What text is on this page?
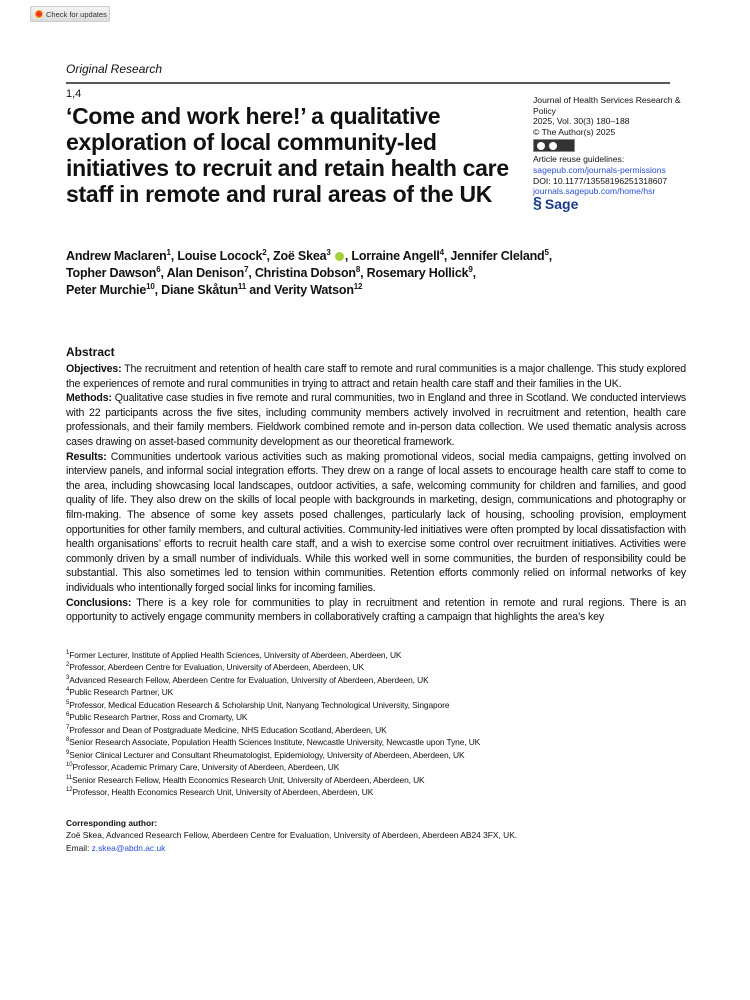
Check for updates
Original Research
Journal of Health Services Research & Policy
2025, Vol. 30(3) 180–188
© The Author(s) 2025
Article reuse guidelines:
sagepub.com/journals-permissions
DOI: 10.1177/13558196251318607
journals.sagepub.com/home/hsr
§ Sage
1,4
‘Come and work here!’ a qualitative exploration of local community-led initiatives to recruit and retain health care staff in remote and rural areas of the UK
Andrew Maclaren$^1$, Louise Locock$^2$, Zoë Skea$^3$ , Lorraine Angell$^4$, Jennifer Cleland$^5$,
Topher Dawson$^6$, Alan Denison$^7$, Christina Dobson$^8$, Rosemary Hollick$^9$,
Peter Murchie$^{10}$, Diane Skåtun$^{11}$ and Verity Watson$^{12}$
Abstract

Objectives: The recruitment and retention of health care staff to remote and rural communities is a major challenge. This study explored the experiences of remote and rural communities in trying to attract and retain health care staff and their families in the UK.

Methods: Qualitative case studies in five remote and rural communities, two in England and three in Scotland. We conducted interviews with 22 participants across the five sites, including community members actively involved in recruitment and retention, health care professionals, and their family members. Fieldwork combined remote and in-person data collection. We used thematic analysis across cases drawing on asset-based community development as our theoretical framework.

Results: Communities undertook various activities such as making promotional videos, social media campaigns, getting involved on interview panels, and informal social integration efforts. They drew on a range of local assets to encourage health care staff to come to the area, including showcasing local landscapes, outdoor activities, a safe, welcoming community for children and families, and good quality of life. They also drew on the skills of local people with backgrounds in marketing, design, communications and photography or film-making. The absence of some key assets posed challenges, particularly lack of housing, schooling provision, employment opportunities for other family members, and cultural activities. Community-led initiatives were often prompted by local dissatisfaction with health organisations’ efforts to recruit health care staff, and a wish to exercise some control over recruitment initiatives. Activities were commonly driven by a small number of individuals. While this worked well in some communities, the burden of responsibility could be substantial. This also sometimes led to tension within communities. Retention efforts commonly relied on informal networks of key individuals who intentionally forged social links for incoming families.

Conclusions: There is a key role for communities to play in recruitment and retention in remote and rural regions. There is an opportunity to actively engage community members in collaboratively crafting a campaign that highlights the area’s key

$^1$Former Lecturer, Institute of Applied Health Sciences, University of Aberdeen, Aberdeen, UK
$^2$Professor, Aberdeen Centre for Evaluation, University of Aberdeen, Aberdeen, UK
$^3$Advanced Research Fellow, Aberdeen Centre for Evaluation, University of Aberdeen, Aberdeen, UK
$^4$Public Research Partner, UK
$^5$Professor, Medical Education Research & Scholarship Unit, Nanyang Technological University, Singapore
$^6$Public Research Partner, Ross and Cromarty, UK
$^7$Professor and Dean of Postgraduate Medicine, NHS Education Scotland, Aberdeen, UK
$^8$Senior Research Associate, Population Health Sciences Institute, Newcastle University, Newcastle upon Tyne, UK
$^9$Senior Clinical Lecturer and Consultant Rheumatologist, Epidemiology, University of Aberdeen, Aberdeen, UK
$^{10}$Professor, Academic Primary Care, University of Aberdeen, Aberdeen, UK
$^{11}$Senior Research Fellow, Health Economics Research Unit, University of Aberdeen, Aberdeen, UK
$^{12}$Professor, Health Economics Research Unit, University of Aberdeen, Aberdeen, UK
Corresponding author:
Zoë Skea, Advanced Research Fellow, Aberdeen Centre for Evaluation, University of Aberdeen, Aberdeen AB24 3FX, UK.
Email: z.skea@abdn.ac.uk
